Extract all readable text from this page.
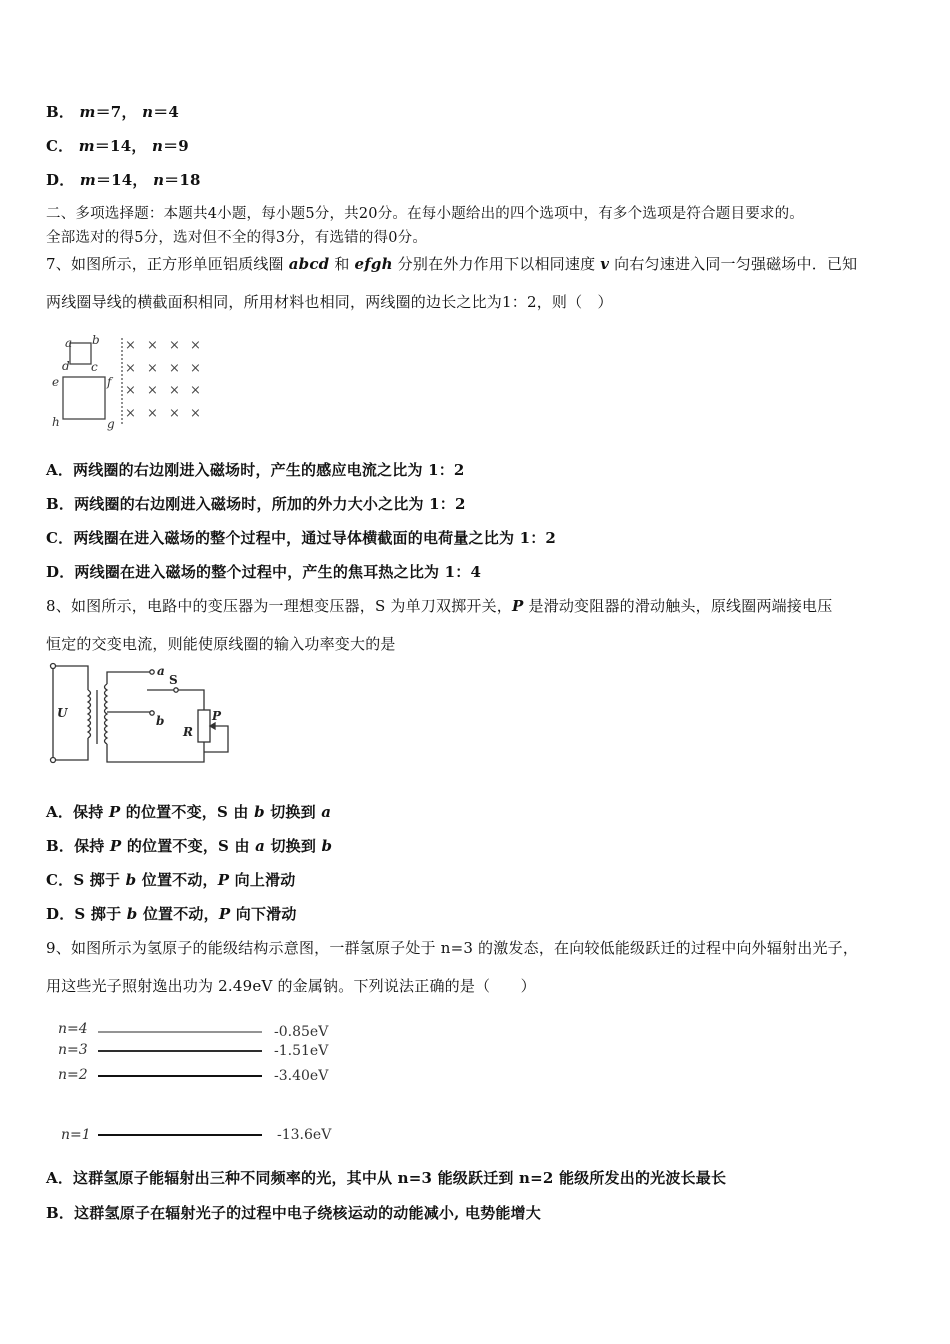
B． m＝7， n＝4
C． m＝14， n＝9
D． m＝14， n＝18
二、多项选择题：本题共4小题，每小题5分，共20分。在每小题给出的四个选项中，有多个选项是符合题目要求的。
全部选对的得5分，选对但不全的得3分，有选错的得0分。
7、如图所示，正方形单匝铝质线圈 abcd 和 efgh 分别在外力作用下以相同速度 v 向右匀速进入同一匀强磁场中．已知
两线圈导线的横截面积相同，所用材料也相同，两线圈的边长之比为1：2，则（　）
a b
c
d
e	f
g
h
× × × ×
× × × ×
× × × ×
× × × ×
A．两线圈的右边刚进入磁场时，产生的感应电流之比为 1：2
B．两线圈的右边刚进入磁场时，所加的外力大小之比为 1：2
C．两线圈在进入磁场的整个过程中，通过导体横截面的电荷量之比为 1：2
D．两线圈在进入磁场的整个过程中，产生的焦耳热之比为 1：4
8、如图所示，电路中的变压器为一理想变压器，S 为单刀双掷开关，P 是滑动变阻器的滑动触头，原线圈两端接电压
恒定的交变电流，则能使原线圈的输入功率变大的是
U
a
b
S
R
P
A．保持 P 的位置不变，S 由 b 切换到 a
B．保持 P 的位置不变，S 由 a 切换到 b
C．S 掷于 b 位置不动，P 向上滑动
D．S 掷于 b 位置不动，P 向下滑动
9、如图所示为氢原子的能级结构示意图，一群氢原子处于 n=3 的激发态，在向较低能级跃迁的过程中向外辐射出光子，
用这些光子照射逸出功为 2.49eV 的金属钠。下列说法正确的是（　　）
n=4
n=3
n=2
n=1
-0.85eV
-1.51eV
-3.40eV
-13.6eV
A．这群氢原子能辐射出三种不同频率的光，其中从 n=3 能级跃迁到 n=2 能级所发出的光波长最长
B．这群氢原子在辐射光子的过程中电子绕核运动的动能减小, 电势能增大
